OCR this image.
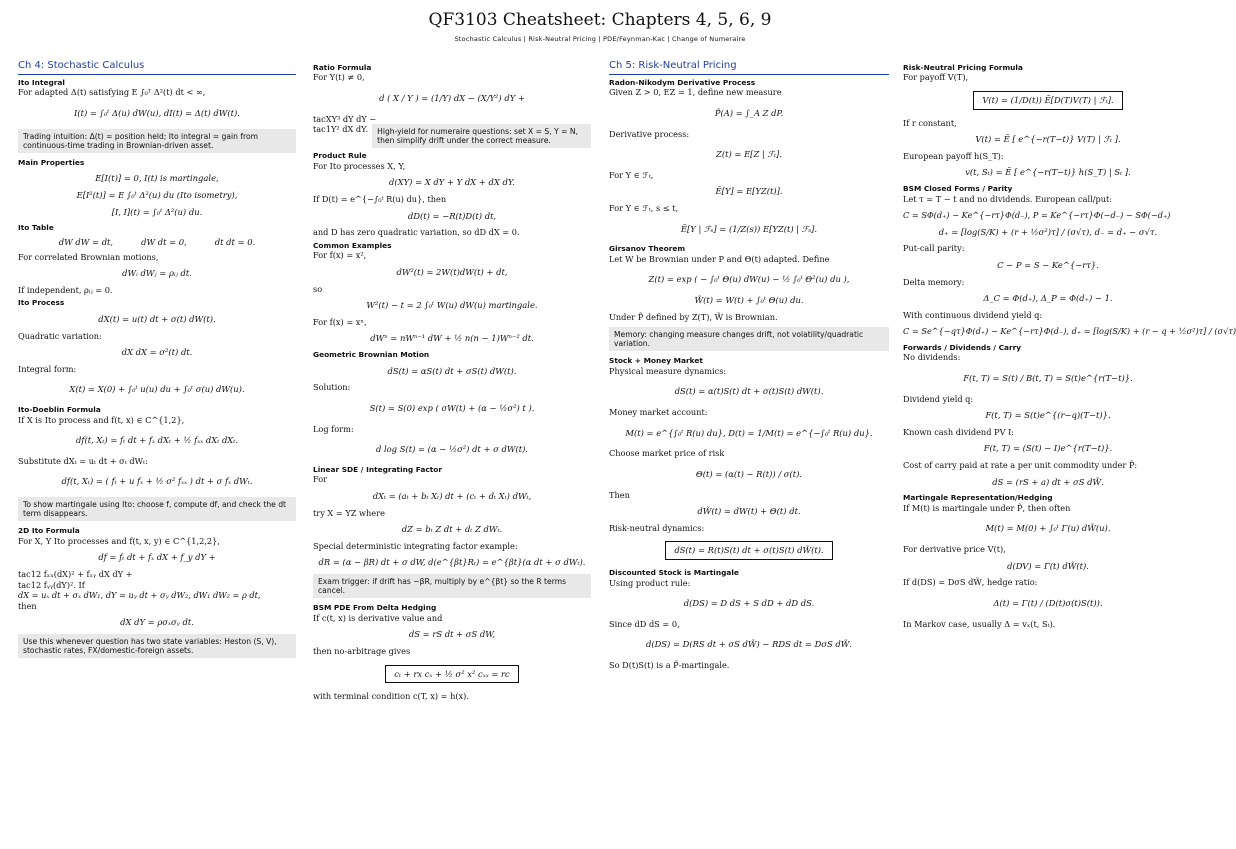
QF3103 Cheatsheet: Chapters 4, 5, 6, 9
Stochastic Calculus | Risk-Neutral Pricing | PDE/Feynman-Kac | Change of Numeraire
Ch 4: Stochastic Calculus
Ito Integral
For adapted Δ(t) satisfying E ∫₀ᵀ Δ²(t) dt < ∞,
I(t) = ∫₀ᵗ Δ(u) dW(u), dI(t) = Δ(t) dW(t).
Trading intuition: Δ(t) = position held; Ito integral = gain from continuous-time trading in Brownian-driven asset.
Main Properties
E[I(t)] = 0, I(t) is martingale,
E[I²(t)] = E ∫₀ᵗ Δ²(u) du (Ito isometry),
[I, I](t) = ∫₀ᵗ Δ²(u) du.
Ito Table
dW dW = dt,	dW dt = 0,	dt dt = 0.
For correlated Brownian motions,
dWᵢ dWⱼ = ρᵢⱼ dt.
If independent, ρᵢⱼ = 0.
Ito Process
dX(t) = u(t) dt + σ(t) dW(t).
Quadratic variation:
dX dX = σ²(t) dt.
Integral form:
X(t) = X(0) + ∫₀ᵗ u(u) du + ∫₀ᵗ σ(u) dW(u).
Ito-Doeblin Formula
If X is Ito process and f(t, x) ∈ C^{1,2},
df(t, Xₜ) = fₜ dt + fₓ dXₜ + ½ fₓₓ dXₜ dXₜ.
Substitute dXₜ = uₜ dt + σₜ dWₜ:
df(t, Xₜ) = ( fₜ + u fₓ + ½ σ² fₓₓ ) dt + σ fₓ dWₜ.
To show martingale using Ito: choose f, compute df, and check the dt term disappears.
2D Ito Formula
For X, Y Ito processes and f(t, x, y) ∈ C^{1,2,2},
df = fₜ dt + fₓ dX + f_y dY +
tac12 fₓₓ(dX)² + fₓᵧ dX dY +
tac12 fᵧᵧ(dY)². If
dX = uₓ dt + σₓ dW₁, dY = uᵧ dt + σᵧ dW₂, dW₁ dW₂ = ρ dt,
then
dX dY = ρσₓσᵧ dt.
Use this whenever question has two state variables: Heston (S, V), stochastic rates, FX/domestic-foreign assets.
Ratio Formula
For Y(t) ≠ 0,
d ( X / Y ) = (1/Y) dX − (X/Y²) dY +
tacXY³ dY dY −
tac1Y² dX dY.	High-yield for numeraire questions: set X = S, Y = N, then simplify drift under the correct measure.
Product Rule
For Ito processes X, Y,
d(XY) = X dY + Y dX + dX dY.
If D(t) = e^{−∫₀ᵗ R(u) du}, then
dD(t) = −R(t)D(t) dt,
and D has zero quadratic variation, so dD dX = 0.
Common Examples
For f(x) = x²,
dW²(t) = 2W(t)dW(t) + dt,
so
W²(t) − t = 2 ∫₀ᵗ W(u) dW(u) martingale.
For f(x) = xⁿ,
dWⁿ = nWⁿ⁻¹ dW + ½ n(n − 1)Wⁿ⁻² dt.
Geometric Brownian Motion
dS(t) = αS(t) dt + σS(t) dW(t).
Solution:
S(t) = S(0) exp ( σW(t) + (α − ½σ²) t ).
Log form:
d log S(t) = (α − ½σ²) dt + σ dW(t).
Linear SDE / Integrating Factor
For
dXₜ = (aₜ + bₜ Xₜ) dt + (cₜ + dₜ Xₜ) dWₜ,
try X = YZ where
dZ = bₜ Z dt + dₜ Z dWₜ.
Special deterministic integrating factor example:
dR = (α − βR) dt + σ dW, d(e^{βt}Rₜ) = e^{βt}(α dt + σ dWₜ).
Exam trigger: if drift has −βR, multiply by e^{βt} so the R terms cancel.
BSM PDE From Delta Hedging
If c(t, x) is derivative value and
dS = rS dt + σS dW,
then no-arbitrage gives
cₜ + rx cₓ + ½ σ² x² cₓₓ = rc
with terminal condition c(T, x) = h(x).
Ch 5: Risk-Neutral Pricing
Radon-Nikodym Derivative Process
Given Z > 0, EZ = 1, define new measure
P̃(A) = ∫_A Z dP.
Derivative process:
Z(t) = E[Z | ℱₜ].
For Y ∈ ℱₜ,
Ẽ[Y] = E[YZ(t)].
For Y ∈ ℱₜ, s ≤ t,
Ẽ[Y | ℱₛ] = (1/Z(s)) E[YZ(t) | ℱₛ].
Girsanov Theorem
Let W be Brownian under P and Θ(t) adapted. Define
Z(t) = exp ( − ∫₀ᵗ Θ(u) dW(u) − ½ ∫₀ᵗ Θ²(u) du ),
W̃(t) = W(t) + ∫₀ᵗ Θ(u) du.
Under P̃ defined by Z(T), W̃ is Brownian.
Memory: changing measure changes drift, not volatility/quadratic variation.
Stock + Money Market
Physical measure dynamics:
dS(t) = α(t)S(t) dt + σ(t)S(t) dW(t).
Money market account:
M(t) = e^{∫₀ᵗ R(u) du}, D(t) = 1/M(t) = e^{−∫₀ᵗ R(u) du}.
Choose market price of risk
Θ(t) = (α(t) − R(t)) / σ(t).
Then
dW̃(t) = dW(t) + Θ(t) dt.
Risk-neutral dynamics:
dS(t) = R(t)S(t) dt + σ(t)S(t) dW̃(t).
Discounted Stock is Martingale
Using product rule:
d(DS) = D dS + S dD + dD dS.
Since dD dS = 0,
d(DS) = D(RS dt + σS dW̃) − RDS dt = DσS dW̃.
So D(t)S(t) is a P̃-martingale.
Risk-Neutral Pricing Formula
For payoff V(T),
V(t) = (1/D(t)) Ẽ[D(T)V(T) | ℱₜ].
If r constant,
V(t) = Ẽ [ e^{−r(T−t)} V(T) | ℱₜ ].
European payoff h(S_T):
v(t, Sₜ) = Ẽ [ e^{−r(T−t)} h(S_T) | Sₜ ].
BSM Closed Forms / Parity
Let τ = T − t and no dividends. European call/put:
C = SΦ(d₊) − Ke^{−rτ}Φ(d₋), P = Ke^{−rτ}Φ(−d₋) − SΦ(−d₊)
d₊ = [log(S/K) + (r + ½σ²)τ] / (σ√τ), d₋ = d₊ − σ√τ.
Put-call parity:
C − P = S − Ke^{−rτ}.
Delta memory:
Δ_C = Φ(d₊), Δ_P = Φ(d₊) − 1.
With continuous dividend yield q:
C = Se^{−qτ}Φ(d₊) − Ke^{−rτ}Φ(d₋), d₊ = [log(S/K) + (r − q + ½σ²)τ] / (σ√τ)
Forwards / Dividends / Carry
No dividends:
F(t, T) = S(t) / B(t, T) = S(t)e^{r(T−t)}.
Dividend yield q:
F(t, T) = S(t)e^{(r−q)(T−t)}.
Known cash dividend PV I:
F(t, T) = (S(t) − I)e^{r(T−t)}.
Cost of carry paid at rate a per unit commodity under P̃:
dS = (rS + a) dt + σS dW̃.
Martingale Representation/Hedging
If M(t) is martingale under P̃, then often
M(t) = M(0) + ∫₀ᵗ Γ(u) dW̃(u).
For derivative price V(t),
d(DV) = Γ(t) dW̃(t).
If d(DS) = DσS dW̃, hedge ratio:
Δ(t) = Γ(t) / (D(t)σ(t)S(t)).
In Markov case, usually Δ = vₓ(t, Sₜ).
